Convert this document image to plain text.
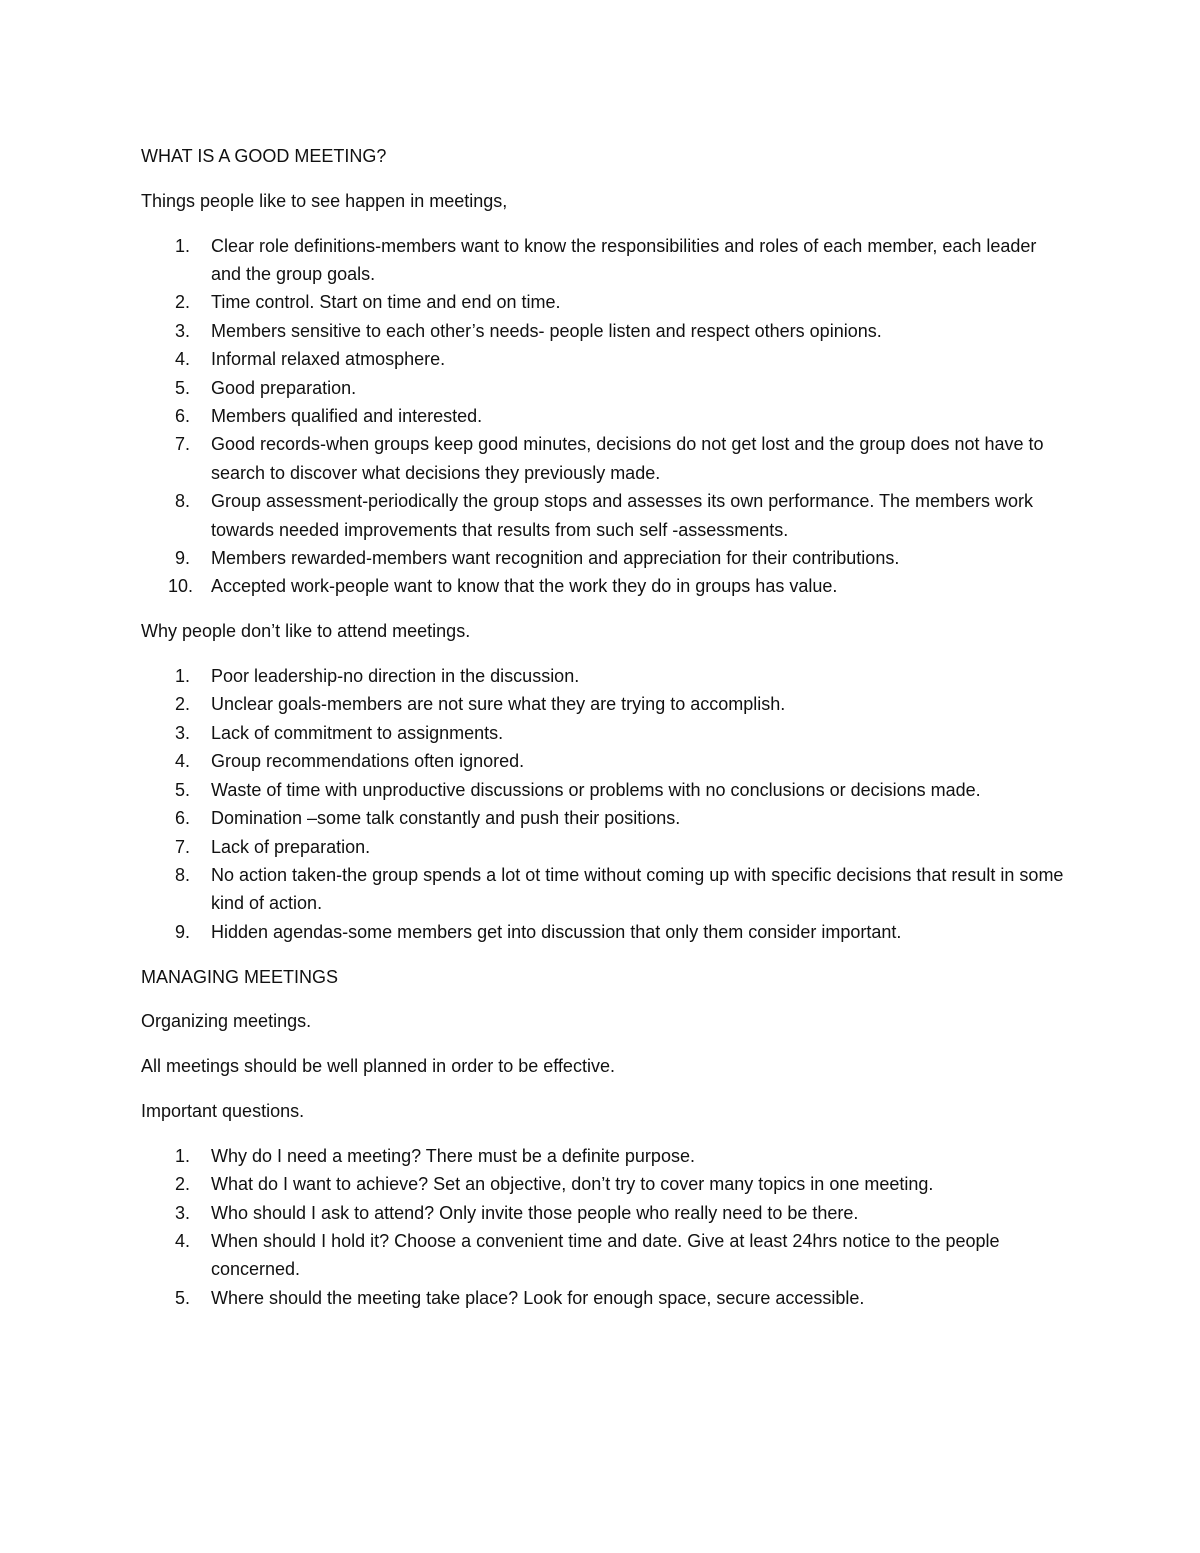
WHAT IS A GOOD MEETING?

Things people like to see happen in meetings,

1. Clear role definitions-members want to know the responsibilities and roles of each member, each leader and the group goals.
2. Time control. Start on time and end on time.
3. Members sensitive to each other’s needs- people listen and respect others opinions.
4. Informal relaxed atmosphere.
5. Good preparation.
6. Members qualified and interested.
7. Good records-when groups keep good minutes, decisions do not get lost and the group does not have to search to discover what decisions they previously made.
8. Group assessment-periodically the group stops and assesses its own performance. The members work towards needed improvements that results from such self -assessments.
9. Members rewarded-members want recognition and appreciation for their contributions.
10. Accepted work-people want to know that the work they do in groups has value.

Why people don’t like to attend meetings.

1. Poor leadership-no direction in the discussion.
2. Unclear goals-members are not sure what they are trying to accomplish.
3. Lack of commitment to assignments.
4. Group recommendations often ignored.
5. Waste of time with unproductive discussions or problems with no conclusions or decisions made.
6. Domination –some talk constantly and push their positions.
7. Lack of preparation.
8. No action taken-the group spends a lot ot time without coming up with specific decisions that result in some kind of action.
9. Hidden agendas-some members get into discussion that only them consider important.

MANAGING MEETINGS

Organizing meetings.

All meetings should be well planned in order to be effective.

Important questions.

1. Why do I need a meeting? There must be a definite purpose.
2. What do I want to achieve? Set an objective, don’t try to cover many topics in one meeting.
3. Who should I ask to attend? Only invite those people who really need to be there.
4. When should I hold it? Choose a convenient time and date. Give at least 24hrs notice to the people concerned.
5. Where should the meeting take place? Look for enough space, secure accessible.
